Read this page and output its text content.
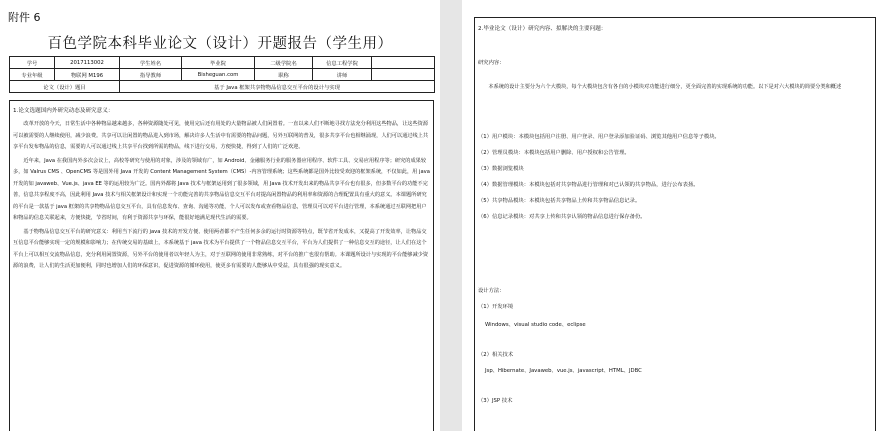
附件 6
百色学院本科毕业论文（设计）开题报告（学生用）
学号	2017113002	学生姓名	毕业院	二级学院名	信息工程学院	
专业年级	物联网 M196	指导教师	Bisheguan.com	职称	讲师	
论文（设计）题目		基于 Java 框架共享物物品信息交互平台的设计与实现				
1.论文选题国内外研究动态及研究意义：

改革开放的今天，日常生活中各种物品越来越多，各种资源随处可见，使用完后还有用处的大量物品被人们闲置着。一直以来人们不断地寻找方法充分利用这些物品，让这些资源可以被需要的人继续使用，减少浪费。共享可以让闲置的物品进入到市场，解决许多人生活中有需要的物品问题，另外互联网的普及，很多共享平台也相继涌现，人们可以通过线上共享平台发布物品的信息，需要的人可以通过线上共享平台找到所需的物品，线下进行交易，方便快捷，得到了人们的广泛欢迎。

近年来，Java 在我国内外多次会议上，高校等研究与使用的对象，涉及的领域有广，如 Android、金融服务行业的服务器应用程序、软件工具、交易应用程序等；研究的成果较多，如 Valrus CMS 、OpenCMS 等是国外用 Java 开发的 Content Management System（CMS）-内容管理系统；这些系统都是国外比较受欢迎的框架系统，不仅如此，用 java 开发的如 javaweb、Vue.js、java EE 等的运用较为广泛。国内外都将 Java 技术与框架运用到了很多领域，用 Java 技术开发出来的物品共享平台也有很多，但多数平台的功能不完善，信息共享程度不高，因此利用 Java 技术与相关框架设计和实现一个功能完善的共享物品信息交互平台对提高闲置物品的利用率和资源的合理配置具有重大的意义。本课题所研究的平台是一款基于 java 框架的共享物物品信息交互平台，具有信息发布、查询、沟通等功能，个人可以发布或查看物品信息，管理员可以对平台进行管理，本系统通过互联网把用户和物品的信息关联起来，方便快捷，节省时间，有利于资源共享与环保，能很好地满足现代生活的需要。

基于物物品信息交互平台的研究意义：利用当下流行的 java 技术的开发方便、使用两者都不产生任何多余的运行时资源等特点，既节省开发成本，又提高了开发效率，让物品交互信息平台能够实现一定的规模和影响力；在传统交易的基础上，本系统基于 java 技术为平台提供了一个物品信息交互平台，平台为人们提供了一种信息交互的途径，让人们在这个平台上可以相互交流物品信息，充分利用闲置资源，另外平台的使用者以年轻人为主，对于互联网的使用非常熟练，对平台的推广也很有帮助。本课题所设计与实现的平台能够减少资源的浪费，让人们的生活更加便利，同时也增加人们的环保意识，促进资源的循环使用，使更多有需要的人能够从中受益，具有很强的现实意义。

2.毕业论文（设计）研究内容、拟解决的主要问题：
研究内容：
本系统的设计主要分为六个大模块，每个大模块包含有各自的小模块对功能进行细分，更全面完善的实现系统的功能。以下是对六大模块的简要分类和概述
（1）用户模块：本模块包括用户注册、用户登录、用户登录添加验证码、浏览其他用户信息等子模块。
（2）管理员模块：本模块包括用户删除、用户授权和公告管理。
（3）数据浏览模块
（4）数据管理模块：本模块包括对共享物品进行管理和对已认领的共享物品，进行公布表扬。
（5）共享物品模块：本模块包括共享物品上传和共享物品信息记录。
（6）信息记录模块：对共享上传和共享认领的物品信息进行保存备份。
设计方法：
（1）开发环境
Windows、visual studio code、eclipse
（2）相关技术
Jsp、Hibernate、Javaweb、vue.js、javascript、HTML、JDBC
（3）JSP 技术
